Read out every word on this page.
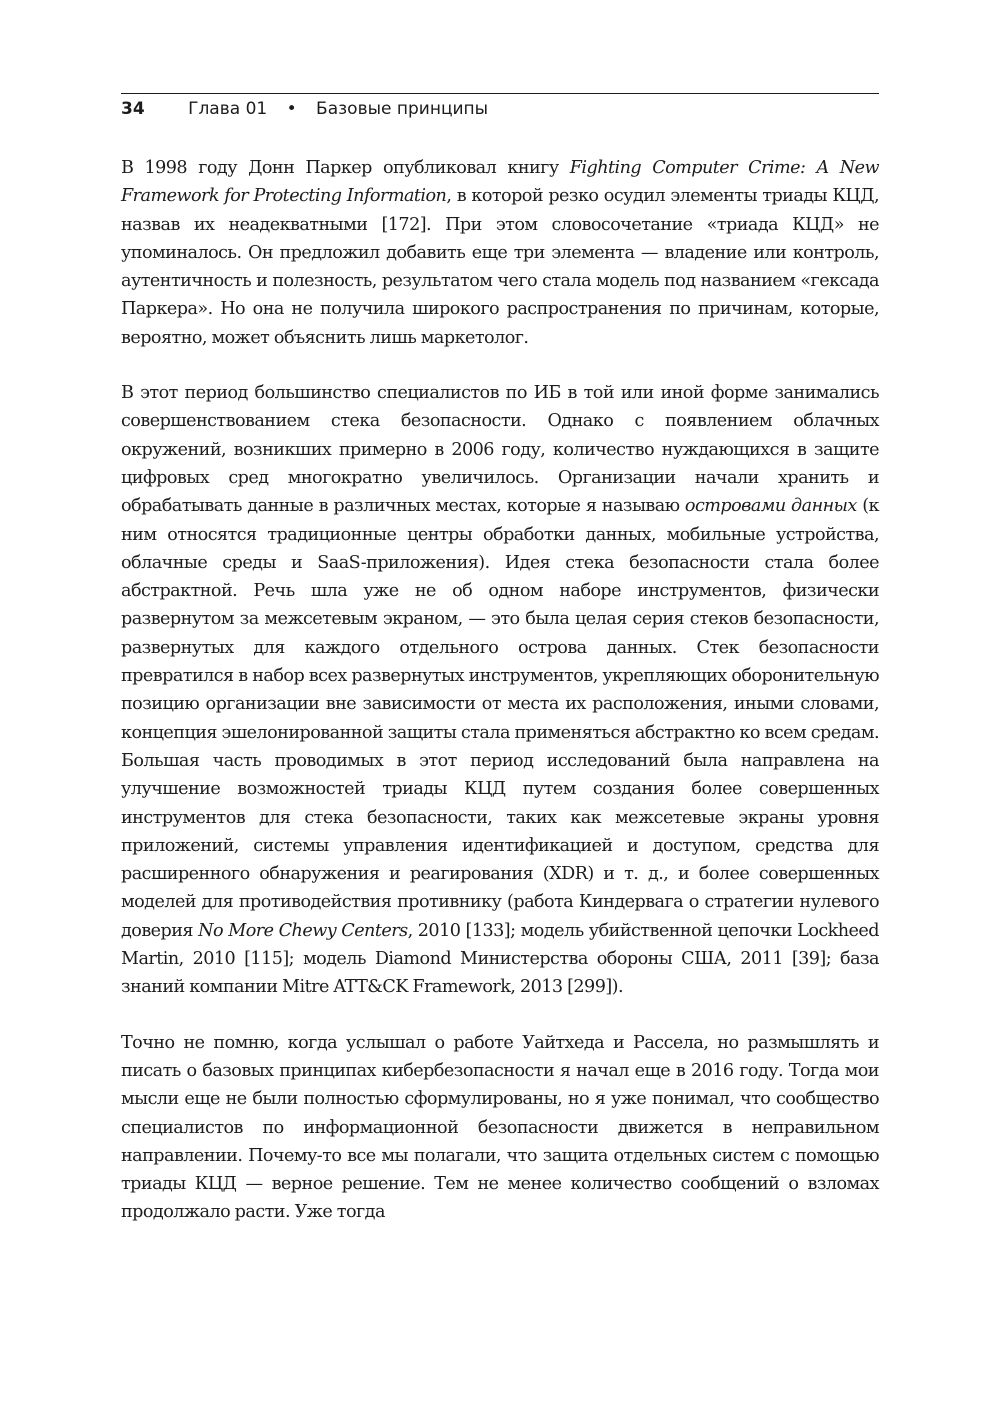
34	Глава 01 • Базовые принципы

В 1998 году Донн Паркер опубликовал книгу Fighting Computer Crime: A New Framework for Protecting Information, в которой резко осудил элементы триады КЦД, назвав их неадекватными [172]. При этом словосочетание «триада КЦД» не упоминалось. Он предложил добавить еще три элемента — владение или контроль, аутентичность и полезность, результатом чего стала модель под названием «гексада Паркера». Но она не получила широкого распространения по причинам, которые, вероятно, может объяснить лишь маркетолог.

В этот период большинство специалистов по ИБ в той или иной форме занимались совершенствованием стека безопасности. Однако с появлением облачных окружений, возникших примерно в 2006 году, количество нуждающихся в защите цифровых сред многократно увеличилось. Организации начали хранить и обрабатывать данные в различных местах, которые я называю островами данных (к ним относятся традиционные центры обработки данных, мобильные устройства, облачные среды и SaaS-приложения). Идея стека безопасности стала более абстрактной. Речь шла уже не об одном наборе инструментов, физически развернутом за межсетевым экраном, — это была целая серия стеков безопасности, развернутых для каждого отдельного острова данных. Стек безопасности превратился в набор всех развернутых инструментов, укрепляющих оборонительную позицию организации вне зависимости от места их расположения, иными словами, концепция эшелонированной защиты стала применяться абстрактно ко всем средам. Большая часть проводимых в этот период исследований была направлена на улучшение возможностей триады КЦД путем создания более совершенных инструментов для стека безопасности, таких как межсетевые экраны уровня приложений, системы управления идентификацией и доступом, средства для расширенного обнаружения и реагирования (XDR) и т. д., и более совершенных моделей для противодействия противнику (работа Киндервага о стратегии нулевого доверия No More Chewy Centers, 2010 [133]; модель убийственной цепочки Lockheed Martin, 2010 [115]; модель Diamond Министерства обороны США, 2011 [39]; база знаний компании Mitre ATT&CK Framework, 2013 [299]).

Точно не помню, когда услышал о работе Уайтхеда и Рассела, но размышлять и писать о базовых принципах кибербезопасности я начал еще в 2016 году. Тогда мои мысли еще не были полностью сформулированы, но я уже понимал, что сообщество специалистов по информационной безопасности движется в неправильном направлении. Почему-то все мы полагали, что защита отдельных систем с помощью триады КЦД — верное решение. Тем не менее количество сообщений о взломах продолжало расти. Уже тогда
